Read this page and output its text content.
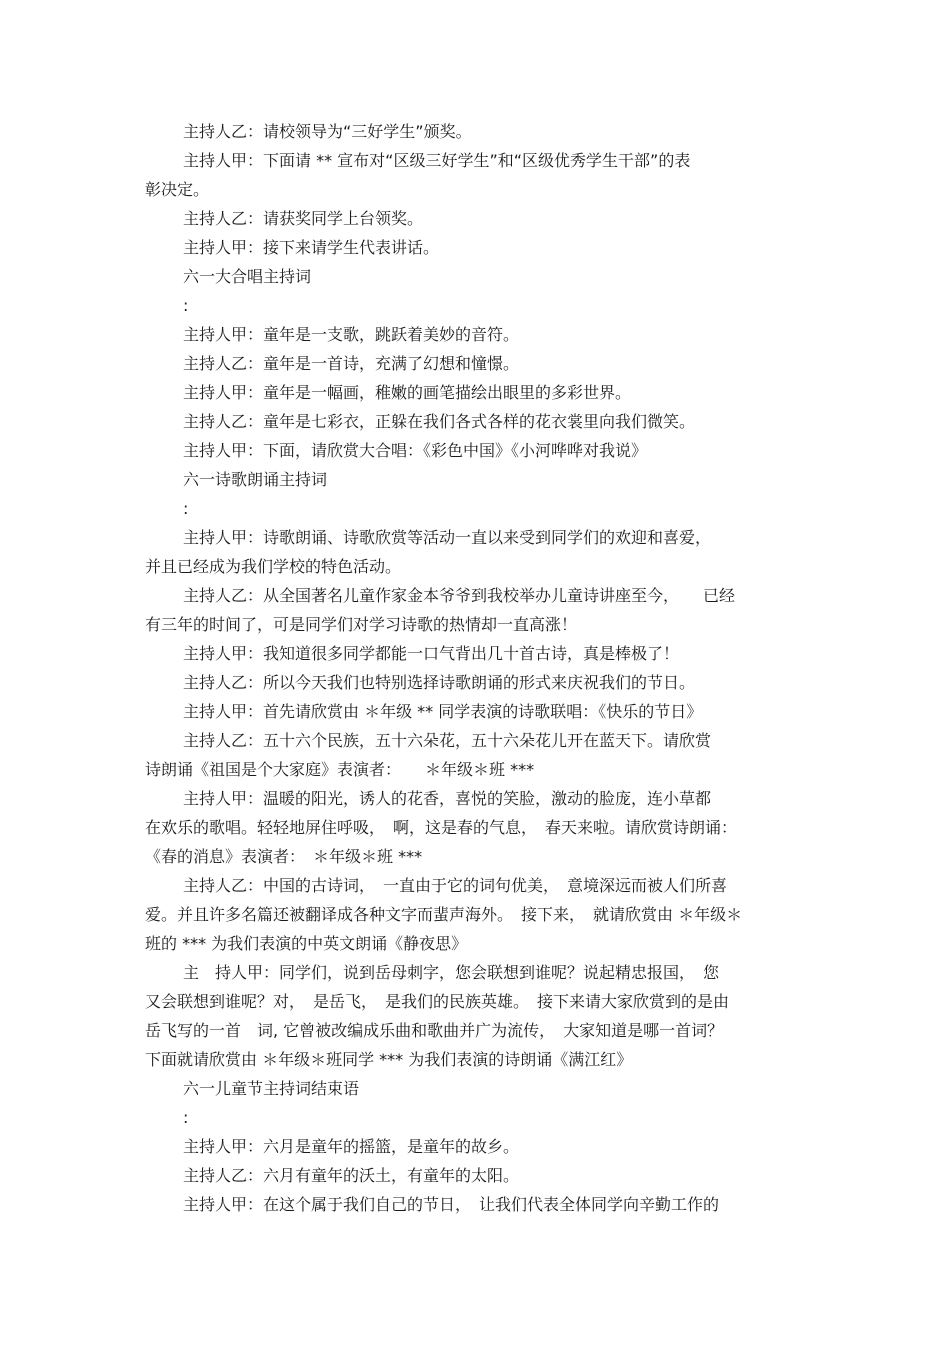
主持人乙：请校领导为“三好学生”颁奖。
主持人甲：下面请 ** 宣布对“区级三好学生”和“区级优秀学生干部”的表
彰决定。
主持人乙：请获奖同学上台领奖。
主持人甲：接下来请学生代表讲话。
六一大合唱主持词
:
主持人甲：童年是一支歌，跳跃着美妙的音符。
主持人乙：童年是一首诗，充满了幻想和憧憬。
主持人甲：童年是一幅画，稚嫩的画笔描绘出眼里的多彩世界。
主持人乙：童年是七彩衣，正躲在我们各式各样的花衣裳里向我们微笑。
主持人甲：下面，请欣赏大合唱：《彩色中国》《小河哗哗对我说》
六一诗歌朗诵主持词
:
主持人甲：诗歌朗诵、诗歌欣赏等活动一直以来受到同学们的欢迎和喜爱，
并且已经成为我们学校的特色活动。
主持人乙：从全国著名儿童作家金本爷爷到我校举办儿童诗讲座至今，　　已经
有三年的时间了，可是同学们对学习诗歌的热情却一直高涨！
主持人甲：我知道很多同学都能一口气背出几十首古诗，真是棒极了！
主持人乙：所以今天我们也特别选择诗歌朗诵的形式来庆祝我们的节日。
主持人甲：首先请欣赏由 ＊年级 ** 同学表演的诗歌联唱：《快乐的节日》
主持人乙：五十六个民族，五十六朵花，五十六朵花儿开在蓝天下。请欣赏
诗朗诵《祖国是个大家庭》表演者：　　＊年级＊班 ***
主持人甲：温暖的阳光，诱人的花香，喜悦的笑脸，激动的脸庞，连小草都
在欢乐的歌唱。轻轻地屏住呼吸，　啊，这是春的气息，　春天来啦。请欣赏诗朗诵：
《春的消息》表演者：　＊年级＊班 ***
主持人乙：中国的古诗词，　一直由于它的词句优美，　意境深远而被人们所喜
爱。并且许多名篇还被翻译成各种文字而蜚声海外。　接下来，　就请欣赏由 ＊年级＊
班的 *** 为我们表演的中英文朗诵《静夜思》
主　持人甲：同学们，说到岳母刺字，您会联想到谁呢？说起精忠报国，　您
又会联想到谁呢？对，　是岳飞，　是我们的民族英雄。　接下来请大家欣赏到的是由
岳飞写的一首　词, 它曾被改编成乐曲和歌曲并广为流传，　大家知道是哪一首词？
下面就请欣赏由 ＊年级＊班同学 *** 为我们表演的诗朗诵《满江红》
六一儿童节主持词结束语
:
主持人甲：六月是童年的摇篮，是童年的故乡。
主持人乙：六月有童年的沃土，有童年的太阳。
主持人甲：在这个属于我们自己的节日，　让我们代表全体同学向辛勤工作的
